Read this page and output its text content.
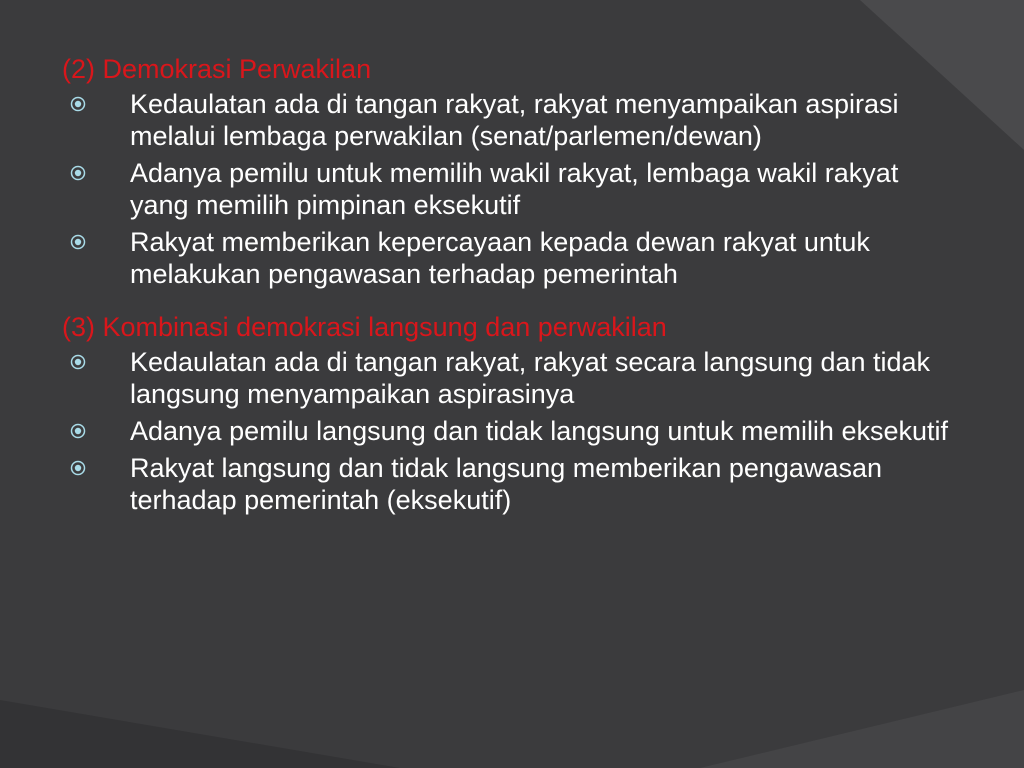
(2) Demokrasi Perwakilan
Kedaulatan ada di tangan rakyat, rakyat menyampaikan aspirasi melalui lembaga perwakilan (senat/parlemen/dewan)
Adanya pemilu untuk memilih wakil rakyat, lembaga wakil rakyat yang memilih pimpinan eksekutif
Rakyat memberikan kepercayaan kepada dewan rakyat untuk melakukan pengawasan terhadap pemerintah
(3) Kombinasi demokrasi langsung dan perwakilan
Kedaulatan ada di tangan rakyat, rakyat secara langsung dan tidak langsung menyampaikan aspirasinya
Adanya pemilu langsung dan tidak langsung untuk memilih eksekutif
Rakyat langsung dan tidak langsung memberikan pengawasan terhadap pemerintah (eksekutif)
